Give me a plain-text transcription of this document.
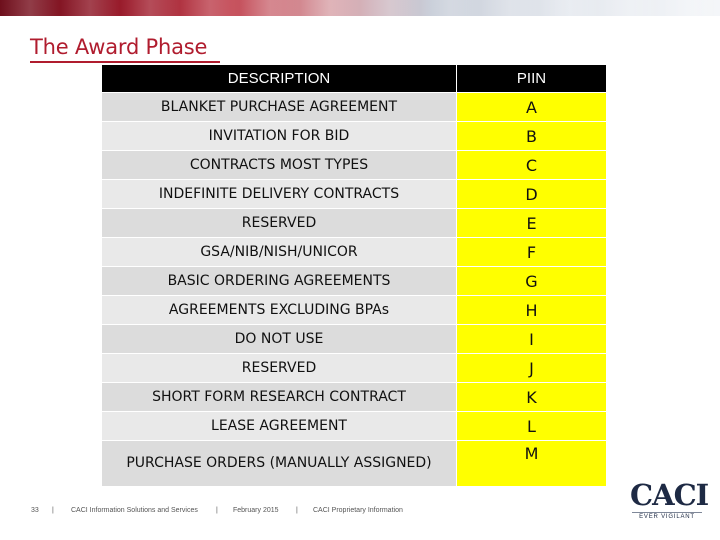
The Award Phase
DESCRIPTION	PIIN
BLANKET PURCHASE AGREEMENT	A
INVITATION FOR BID	B
CONTRACTS MOST TYPES	C
INDEFINITE DELIVERY CONTRACTS	D
RESERVED	E
GSA/NIB/NISH/UNICOR	F
BASIC ORDERING AGREEMENTS	G
AGREEMENTS EXCLUDING BPAs	H
DO NOT USE	I
RESERVED	J
SHORT FORM RESEARCH CONTRACT	K
LEASE AGREEMENT	L
PURCHASE ORDERS (MANUALLY ASSIGNED)	M
33 | CACI Information Solutions and Services	| February 2015 | CACI Proprietary Information	CACI
EVER VIGILANT
